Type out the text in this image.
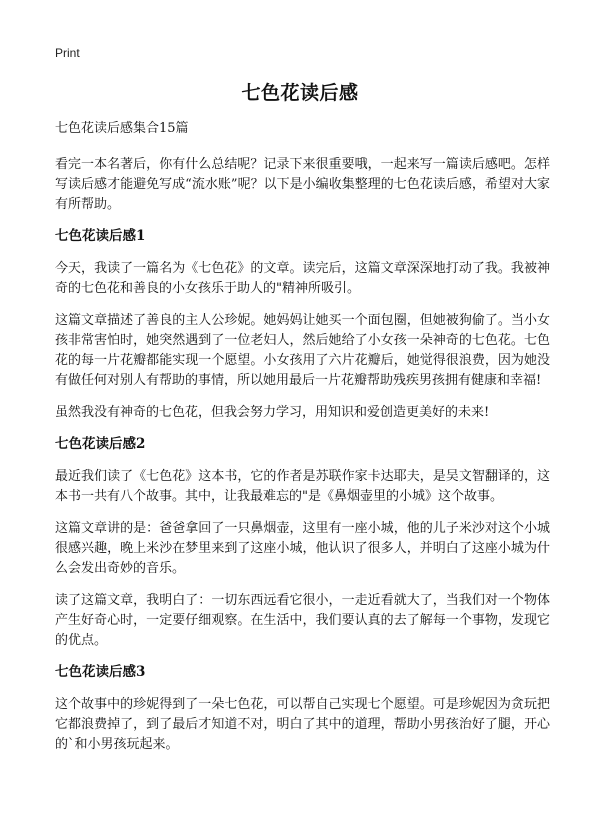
Print
七色花读后感

七色花读后感集合15篇

看完一本名著后，你有什么总结呢？记录下来很重要哦，一起来写一篇读后感吧。怎样写读后感才能避免写成“流水账”呢？以下是小编收集整理的七色花读后感，希望对大家有所帮助。

七色花读后感1

今天，我读了一篇名为《七色花》的文章。读完后，这篇文章深深地打动了我。我被神奇的七色花和善良的小女孩乐于助人的"精神所吸引。

这篇文章描述了善良的主人公珍妮。她妈妈让她买一个面包圈，但她被狗偷了。当小女孩非常害怕时，她突然遇到了一位老妇人，然后她给了小女孩一朵神奇的七色花。七色花的每一片花瓣都能实现一个愿望。小女孩用了六片花瓣后，她觉得很浪费，因为她没有做任何对别人有帮助的事情，所以她用最后一片花瓣帮助残疾男孩拥有健康和幸福!

虽然我没有神奇的七色花，但我会努力学习，用知识和爱创造更美好的未来!

七色花读后感2

最近我们读了《七色花》这本书，它的作者是苏联作家卡达耶夫，是吴文智翻译的，这本书一共有八个故事。其中，让我最难忘的"是《鼻烟壶里的小城》这个故事。

这篇文章讲的是：爸爸拿回了一只鼻烟壶，这里有一座小城，他的儿子米沙对这个小城很感兴趣，晚上米沙在梦里来到了这座小城，他认识了很多人，并明白了这座小城为什么会发出奇妙的音乐。

读了这篇文章，我明白了：一切东西远看它很小，一走近看就大了，当我们对一个物体产生好奇心时，一定要仔细观察。在生活中，我们要认真的去了解每一个事物，发现它的优点。

七色花读后感3

这个故事中的珍妮得到了一朵七色花，可以帮自己实现七个愿望。可是珍妮因为贪玩把它都浪费掉了，到了最后才知道不对，明白了其中的道理，帮助小男孩治好了腿，开心的`和小男孩玩起来。
